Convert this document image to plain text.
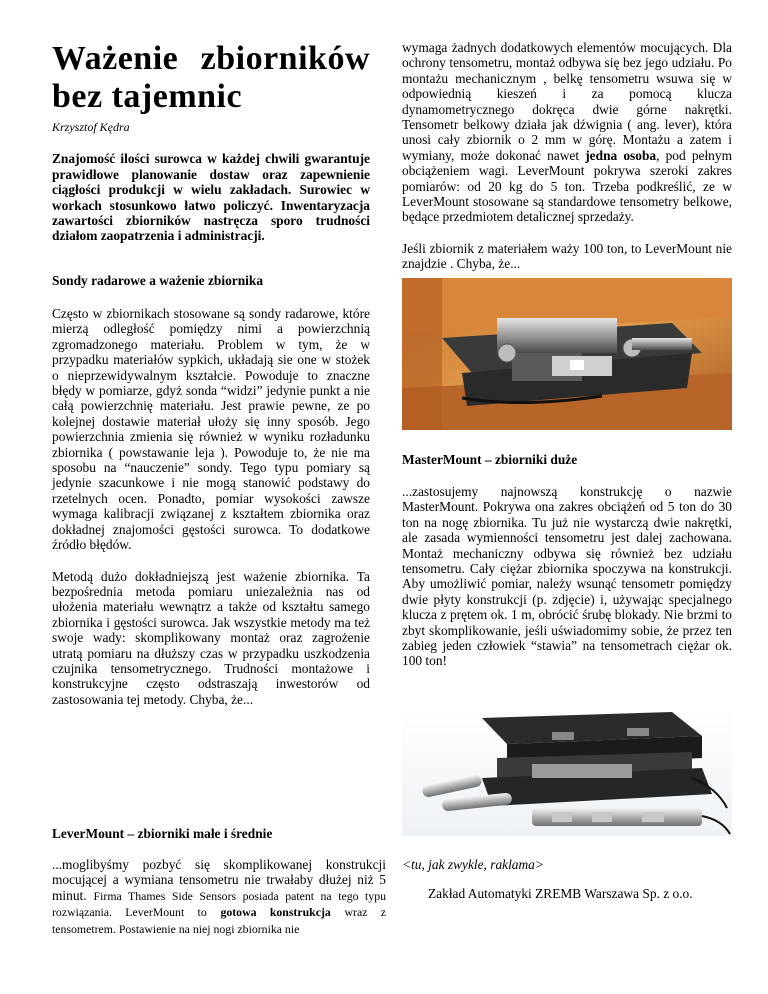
Ważenie zbiorników bez tajemnic

Krzysztof Kędra

Znajomość ilości surowca w każdej chwili gwarantuje prawidłowe planowanie dostaw oraz zapewnienie ciągłości produkcji w wielu zakładach. Surowiec w workach stosunkowo łatwo policzyć. Inwentaryzacja zawartości zbiorników nastręcza sporo trudności działom zaopatrzenia i administracji.

wymaga żadnych dodatkowych elementów mocujących. Dla ochrony tensometru, montaż odbywa się bez jego udziału. Po montażu mechanicznym , belkę tensometru wsuwa się w odpowiednią kieszeń i za pomocą klucza dynamometrycznego dokręca dwie górne nakrętki. Tensometr belkowy działa jak dźwignia ( ang. lever), która unosi cały zbiornik o 2 mm w górę. Montażu a zatem i wymiany, może dokonać nawet jedna osoba, pod pełnym obciążeniem wagi. LeverMount pokrywa szeroki zakres pomiarów: od 20 kg do 5 ton. Trzeba podkreślić, ze w LeverMount stosowane są standardowe tensometry belkowe, będące przedmiotem detalicznej sprzedaży.

Jeśli zbiornik z materiałem waży 100 ton, to LeverMount nie znajdzie . Chyba, że...

Sondy radarowe a ważenie zbiornika

Często w zbiornikach stosowane są sondy radarowe, które mierzą odległość pomiędzy nimi a powierzchnią zgromadzonego materiału. Problem w tym, że w przypadku materiałów sypkich, układają sie one w stożek o nieprzewidywalnym kształcie. Powoduje to znaczne błędy w pomiarze, gdyż sonda “widzi” jedynie punkt a nie całą powierzchnię materiału. Jest prawie pewne, ze po kolejnej dostawie materiał ułoży się inny sposób. Jego powierzchnia zmienia się również w wyniku rozładunku zbiornika ( powstawanie leja ). Powoduje to, że nie ma sposobu na “nauczenie” sondy. Tego typu pomiary są jedynie szacunkowe i nie mogą stanowić podstawy do rzetelnych ocen. Ponadto, pomiar wysokości zawsze wymaga kalibracji związanej z kształtem zbiornika oraz dokładnej znajomości gęstości surowca. To dodatkowe źródło błędów.

Metodą dużo dokładniejszą jest ważenie zbiornika. Ta bezpośrednia metoda pomiaru uniezależnia nas od ułożenia materiału wewnątrz a także od kształtu samego zbiornika i gęstości surowca. Jak wszystkie metody ma też swoje wady: skomplikowany montaż oraz zagrożenie utratą pomiaru na dłuższy czas w przypadku uszkodzenia czujnika tensometrycznego. Trudności montażowe i konstrukcyjne często odstraszają inwestorów od zastosowania tej metody. Chyba, że...

MasterMount – zbiorniki duże

...zastosujemy najnowszą konstrukcję o nazwie MasterMount. Pokrywa ona zakres obciążeń od 5 ton do 30 ton na nogę zbiornika. Tu już nie wystarczą dwie nakrętki, ale zasada wymienności tensometru jest dalej zachowana. Montaż mechaniczny odbywa się również bez udziału tensometru. Cały ciężar zbiornika spoczywa na konstrukcji. Aby umożliwić pomiar, należy wsunąć tensometr pomiędzy dwie płyty konstrukcji (p. zdjęcie) i, używając specjalnego klucza z prętem ok. 1 m, obrócić śrubę blokady. Nie brzmi to zbyt skomplikowanie, jeśli uświadomimy sobie, że przez ten zabieg jeden człowiek “stawia” na tensometrach ciężar ok. 100 ton!

LeverMount – zbiorniki małe i średnie

...moglibyśmy pozbyć się skomplikowanej konstrukcji mocującej a wymiana tensometru nie trwałaby dłużej niż 5 minut. Firma Thames Side Sensors posiada patent na tego typu rozwiązania. LeverMount to gotowa konstrukcja wraz z tensometrem. Postawienie na niej nogi zbiornika nie

<tu, jak zwykle, raklama>
Zakład Automatyki ZREMB Warszawa Sp. z o.o.
